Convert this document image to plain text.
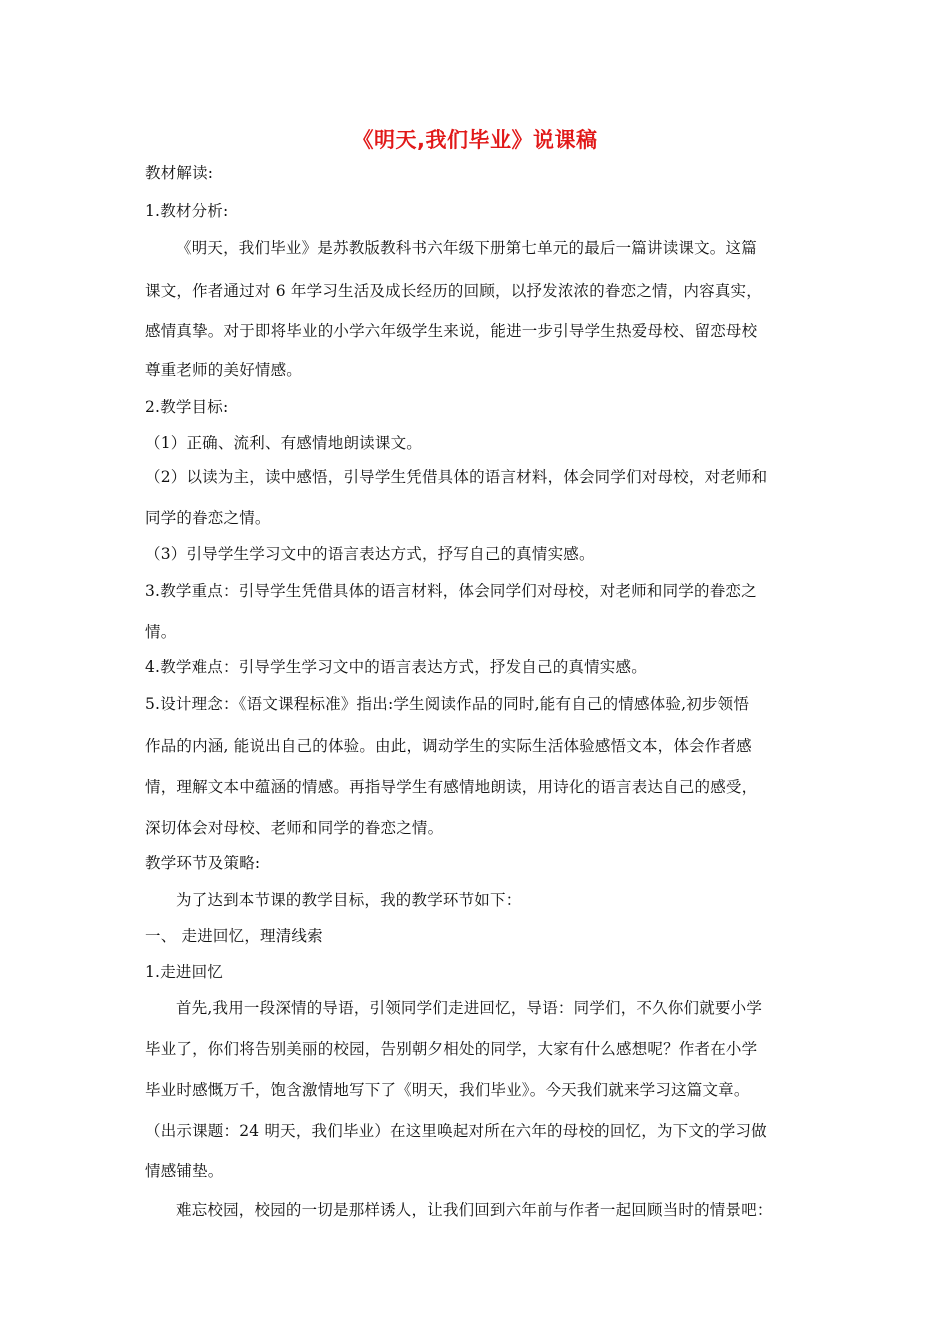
《明天,我们毕业》说课稿
教材解读:
1.教材分析:
《明天，我们毕业》是苏教版教科书六年级下册第七单元的最后一篇讲读课文。这篇
课文，作者通过对 6 年学习生活及成长经历的回顾，以抒发浓浓的眷恋之情，内容真实，
感情真挚。对于即将毕业的小学六年级学生来说，能进一步引导学生热爱母校、留恋母校
尊重老师的美好情感。
2.教学目标:
（1）正确、流利、有感情地朗读课文。
（2）以读为主，读中感悟，引导学生凭借具体的语言材料，体会同学们对母校，对老师和
同学的眷恋之情。
（3）引导学生学习文中的语言表达方式，抒写自己的真情实感。
3.教学重点：引导学生凭借具体的语言材料，体会同学们对母校，对老师和同学的眷恋之
情。
4.教学难点：引导学生学习文中的语言表达方式，抒发自己的真情实感。
5.设计理念：《语文课程标准》指出:学生阅读作品的同时,能有自己的情感体验,初步领悟
作品的内涵, 能说出自己的体验。由此，调动学生的实际生活体验感悟文本，体会作者感
情，理解文本中蕴涵的情感。再指导学生有感情地朗读，用诗化的语言表达自己的感受，
深切体会对母校、老师和同学的眷恋之情。
教学环节及策略:
为了达到本节课的教学目标，我的教学环节如下：
一、 走进回忆，理清线索
1.走进回忆
首先,我用一段深情的导语，引领同学们走进回忆，导语：同学们，不久你们就要小学
毕业了，你们将告别美丽的校园，告别朝夕相处的同学，大家有什么感想呢？作者在小学
毕业时感慨万千，饱含激情地写下了《明天，我们毕业》。今天我们就来学习这篇文章。
（出示课题：24 明天，我们毕业）在这里唤起对所在六年的母校的回忆，为下文的学习做
情感铺垫。
难忘校园，校园的一切是那样诱人，让我们回到六年前与作者一起回顾当时的情景吧：
